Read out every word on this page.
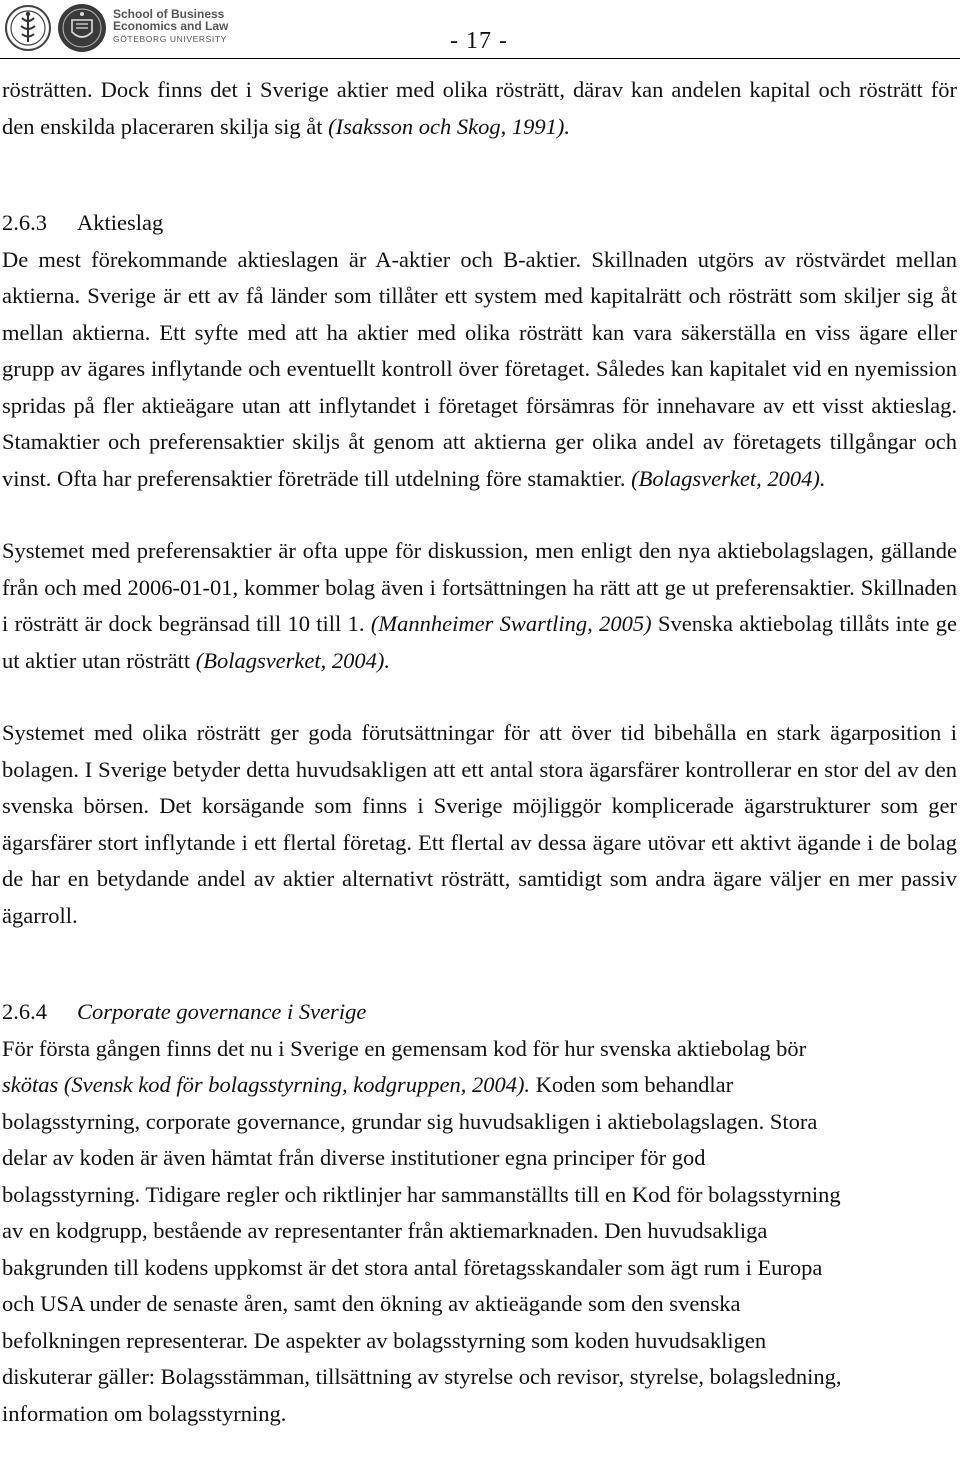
School of Business
Economics and Law
GÖTEBORG UNIVERSITY	- 17 -

rösträtten. Dock finns det i Sverige aktier med olika rösträtt, därav kan andelen kapital och rösträtt för den enskilda placeraren skilja sig åt (Isaksson och Skog, 1991).

2.6.3 Aktieslag

De mest förekommande aktieslagen är A-aktier och B-aktier. Skillnaden utgörs av röstvärdet mellan aktierna. Sverige är ett av få länder som tillåter ett system med kapitalrätt och rösträtt som skiljer sig åt mellan aktierna. Ett syfte med att ha aktier med olika rösträtt kan vara säkerställa en viss ägare eller grupp av ägares inflytande och eventuellt kontroll över företaget. Således kan kapitalet vid en nyemission spridas på fler aktieägare utan att inflytandet i företaget försämras för innehavare av ett visst aktieslag. Stamaktier och preferensaktier skiljs åt genom att aktierna ger olika andel av företagets tillgångar och vinst. Ofta har preferensaktier företräde till utdelning före stamaktier. (Bolagsverket, 2004).

Systemet med preferensaktier är ofta uppe för diskussion, men enligt den nya aktiebolagslagen, gällande från och med 2006-01-01, kommer bolag även i fortsättningen ha rätt att ge ut preferensaktier. Skillnaden i rösträtt är dock begränsad till 10 till 1. (Mannheimer Swartling, 2005) Svenska aktiebolag tillåts inte ge ut aktier utan rösträtt (Bolagsverket, 2004).

Systemet med olika rösträtt ger goda förutsättningar för att över tid bibehålla en stark ägarposition i bolagen. I Sverige betyder detta huvudsakligen att ett antal stora ägarsfärer kontrollerar en stor del av den svenska börsen. Det korsägande som finns i Sverige möjliggör komplicerade ägarstrukturer som ger ägarsfärer stort inflytande i ett flertal företag. Ett flertal av dessa ägare utövar ett aktivt ägande i de bolag de har en betydande andel av aktier alternativt rösträtt, samtidigt som andra ägare väljer en mer passiv ägarroll.

2.6.4 Corporate governance i Sverige
För första gången finns det nu i Sverige en gemensam kod för hur svenska aktiebolag bör
skötas (Svensk kod för bolagsstyrning, kodgruppen, 2004). Koden som behandlar
bolagsstyrning, corporate governance, grundar sig huvudsakligen i aktiebolagslagen. Stora
delar av koden är även hämtat från diverse institutioner egna principer för god
bolagsstyrning. Tidigare regler och riktlinjer har sammanställts till en Kod för bolagsstyrning
av en kodgrupp, bestående av representanter från aktiemarknaden. Den huvudsakliga
bakgrunden till kodens uppkomst är det stora antal företagsskandaler som ägt rum i Europa
och USA under de senaste åren, samt den ökning av aktieägande som den svenska
befolkningen representerar. De aspekter av bolagsstyrning som koden huvudsakligen
diskuterar gäller: Bolagsstämman, tillsättning av styrelse och revisor, styrelse, bolagsledning,
information om bolagsstyrning.
